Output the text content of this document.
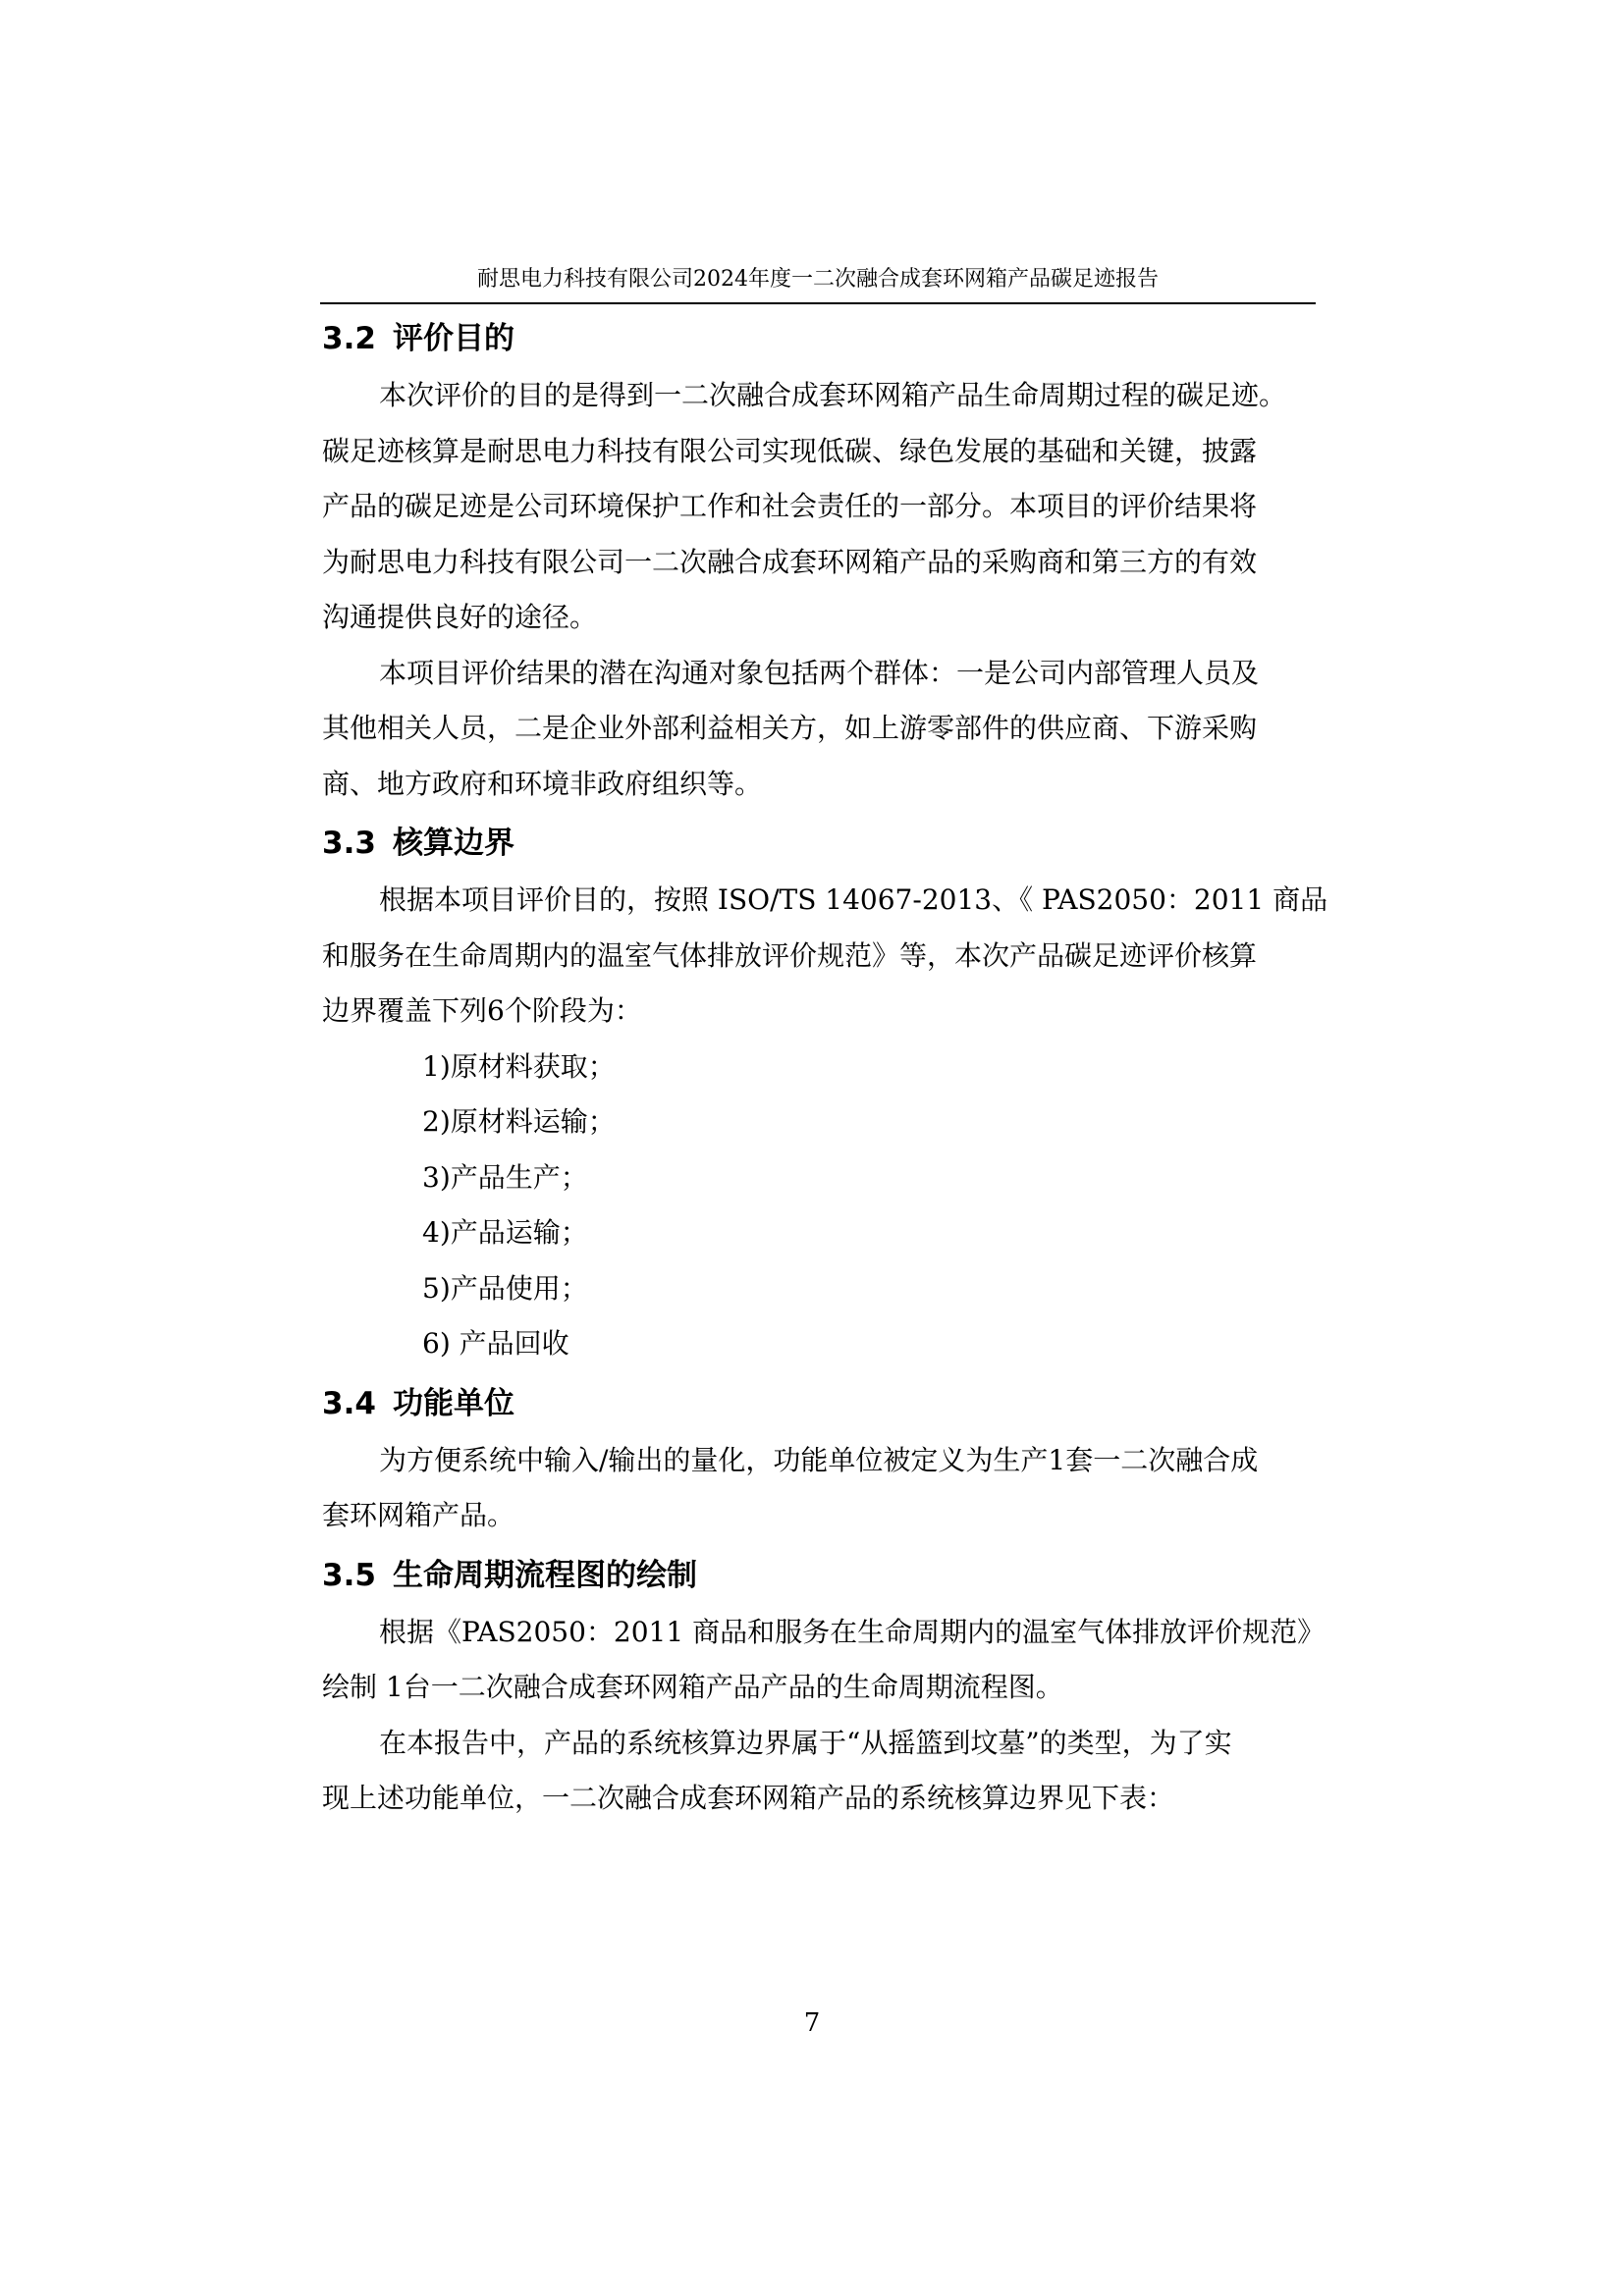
耐思电力科技有限公司2024年度一二次融合成套环网箱产品碳足迹报告
3.2 评价目的

本次评价的目的是得到一二次融合成套环网箱产品生命周期过程的碳足迹。
碳足迹核算是耐思电力科技有限公司实现低碳、绿色发展的基础和关键，披露
产品的碳足迹是公司环境保护工作和社会责任的一部分。本项目的评价结果将
为耐思电力科技有限公司一二次融合成套环网箱产品的采购商和第三方的有效
沟通提供良好的途径。

本项目评价结果的潜在沟通对象包括两个群体：一是公司内部管理人员及
其他相关人员，二是企业外部利益相关方，如上游零部件的供应商、下游采购
商、地方政府和环境非政府组织等。

3.3 核算边界

根据本项目评价目的，按照 ISO/TS 14067-2013、《 PAS2050：2011 商品
和服务在生命周期内的温室气体排放评价规范》等，本次产品碳足迹评价核算
边界覆盖下列6个阶段为：

1)原材料获取；
2)原材料运输；
3)产品生产；
4)产品运输；
5)产品使用；
6) 产品回收
3.4 功能单位

为方便系统中输入/输出的量化，功能单位被定义为生产1套一二次融合成
套环网箱产品。

3.5 生命周期流程图的绘制

根据《PAS2050：2011 商品和服务在生命周期内的温室气体排放评价规范》
绘制 1台一二次融合成套环网箱产品产品的生命周期流程图。

在本报告中，产品的系统核算边界属于“从摇篮到坟墓”的类型，为了实
现上述功能单位，一二次融合成套环网箱产品的系统核算边界见下表：

7
